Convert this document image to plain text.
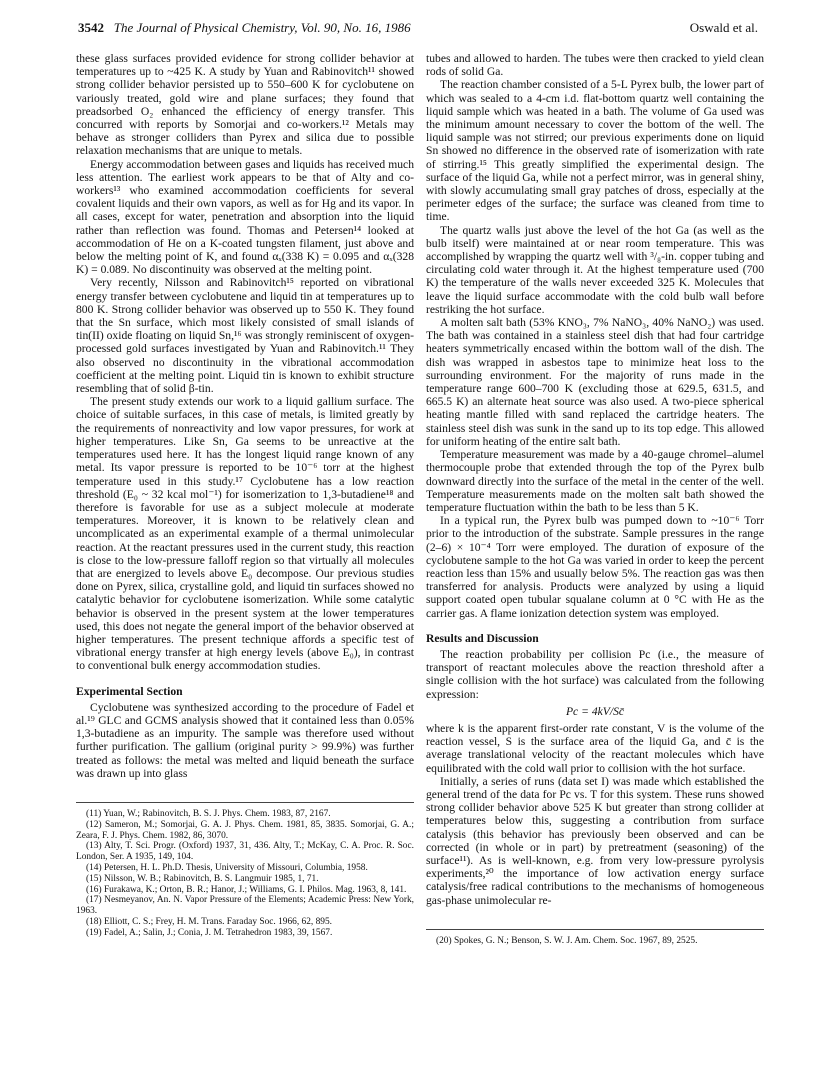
3542 The Journal of Physical Chemistry, Vol. 90, No. 16, 1986	Oswald et al.

these glass surfaces provided evidence for strong collider behavior at temperatures up to ~425 K. A study by Yuan and Rabinovitch¹¹ showed strong collider behavior persisted up to 550–600 K for cyclobutene on variously treated, gold wire and plane surfaces; they found that preadsorbed O₂ enhanced the efficiency of energy transfer. This concurred with reports by Somorjai and co-workers.¹² Metals may behave as stronger colliders than Pyrex and silica due to possible relaxation mechanisms that are unique to metals.

Energy accommodation between gases and liquids has received much less attention. The earliest work appears to be that of Alty and co-workers¹³ who examined accommodation coefficients for several covalent liquids and their own vapors, as well as for Hg and its vapor. In all cases, except for water, penetration and absorption into the liquid rather than reflection was found. Thomas and Petersen¹⁴ looked at accommodation of He on a K-coated tungsten filament, just above and below the melting point of K, and found αₓ(338 K) = 0.095 and αₓ(328 K) = 0.089. No discontinuity was observed at the melting point.

Very recently, Nilsson and Rabinovitch¹⁵ reported on vibrational energy transfer between cyclobutene and liquid tin at temperatures up to 800 K. Strong collider behavior was observed up to 550 K. They found that the Sn surface, which most likely consisted of small islands of tin(II) oxide floating on liquid Sn,¹⁶ was strongly reminiscent of oxygen-processed gold surfaces investigated by Yuan and Rabinovitch.¹¹ They also observed no discontinuity in the vibrational accommodation coefficient at the melting point. Liquid tin is known to exhibit structure resembling that of solid β-tin.

The present study extends our work to a liquid gallium surface. The choice of suitable surfaces, in this case of metals, is limited greatly by the requirements of nonreactivity and low vapor pressures, for work at higher temperatures. Like Sn, Ga seems to be unreactive at the temperatures used here. It has the longest liquid range known of any metal. Its vapor pressure is reported to be 10⁻⁶ torr at the highest temperature used in this study.¹⁷ Cyclobutene has a low reaction threshold (E₀ ~ 32 kcal mol⁻¹) for isomerization to 1,3-butadiene¹⁸ and therefore is favorable for use as a subject molecule at moderate temperatures. Moreover, it is known to be relatively clean and uncomplicated as an experimental example of a thermal unimolecular reaction. At the reactant pressures used in the current study, this reaction is close to the low-pressure falloff region so that virtually all molecules that are energized to levels above E₀ decompose. Our previous studies done on Pyrex, silica, crystalline gold, and liquid tin surfaces showed no catalytic behavior for cyclobutene isomerization. While some catalytic behavior is observed in the present system at the lower temperatures used, this does not negate the general import of the behavior observed at higher temperatures. The present technique affords a specific test of vibrational energy transfer at high energy levels (above E₀), in contrast to conventional bulk energy accommodation studies.

Experimental Section

Cyclobutene was synthesized according to the procedure of Fadel et al.¹⁹ GLC and GCMS analysis showed that it contained less than 0.05% 1,3-butadiene as an impurity. The sample was therefore used without further purification. The gallium (original purity > 99.9%) was further treated as follows: the metal was melted and liquid beneath the surface was drawn up into glass

(11) Yuan, W.; Rabinovitch, B. S. J. Phys. Chem. 1983, 87, 2167.

(12) Sameron, M.; Somorjai, G. A. J. Phys. Chem. 1981, 85, 3835. Somorjai, G. A.; Zeara, F. J. Phys. Chem. 1982, 86, 3070.

(13) Alty, T. Sci. Progr. (Oxford) 1937, 31, 436. Alty, T.; McKay, C. A. Proc. R. Soc. London, Ser. A 1935, 149, 104.

(14) Petersen, H. L. Ph.D. Thesis, University of Missouri, Columbia, 1958.

(15) Nilsson, W. B.; Rabinovitch, B. S. Langmuir 1985, 1, 71.

(16) Furakawa, K.; Orton, B. R.; Hanor, J.; Williams, G. I. Philos. Mag. 1963, 8, 141.

(17) Nesmeyanov, An. N. Vapor Pressure of the Elements; Academic Press: New York, 1963.

(18) Elliott, C. S.; Frey, H. M. Trans. Faraday Soc. 1966, 62, 895.

(19) Fadel, A.; Salin, J.; Conia, J. M. Tetrahedron 1983, 39, 1567.

tubes and allowed to harden. The tubes were then cracked to yield clean rods of solid Ga.

The reaction chamber consisted of a 5-L Pyrex bulb, the lower part of which was sealed to a 4-cm i.d. flat-bottom quartz well containing the liquid sample which was heated in a bath. The volume of Ga used was the minimum amount necessary to cover the bottom of the well. The liquid sample was not stirred; our previous experiments done on liquid Sn showed no difference in the observed rate of isomerization with rate of stirring.¹⁵ This greatly simplified the experimental design. The surface of the liquid Ga, while not a perfect mirror, was in general shiny, with slowly accumulating small gray patches of dross, especially at the perimeter edges of the surface; the surface was cleaned from time to time.

The quartz walls just above the level of the hot Ga (as well as the bulb itself) were maintained at or near room temperature. This was accomplished by wrapping the quartz well with ³/₈-in. copper tubing and circulating cold water through it. At the highest temperature used (700 K) the temperature of the walls never exceeded 325 K. Molecules that leave the liquid surface accommodate with the cold bulb wall before restriking the hot surface.

A molten salt bath (53% KNO₃, 7% NaNO₃, 40% NaNO₂) was used. The bath was contained in a stainless steel dish that had four cartridge heaters symmetrically encased within the bottom wall of the dish. The dish was wrapped in asbestos tape to minimize heat loss to the surrounding environment. For the majority of runs made in the temperature range 600–700 K (excluding those at 629.5, 631.5, and 665.5 K) an alternate heat source was also used. A two-piece spherical heating mantle filled with sand replaced the cartridge heaters. The stainless steel dish was sunk in the sand up to its top edge. This allowed for uniform heating of the entire salt bath.

Temperature measurement was made by a 40-gauge chromel–alumel thermocouple probe that extended through the top of the Pyrex bulb downward directly into the surface of the metal in the center of the well. Temperature measurements made on the molten salt bath showed the temperature fluctuation within the bath to be less than 5 K.

In a typical run, the Pyrex bulb was pumped down to ~10⁻⁶ Torr prior to the introduction of the substrate. Sample pressures in the range (2–6) × 10⁻⁴ Torr were employed. The duration of exposure of the cyclobutene sample to the hot Ga was varied in order to keep the percent reaction less than 15% and usually below 5%. The reaction gas was then transferred for analysis. Products were analyzed by using a liquid support coated open tubular squalane column at 0 °C with He as the carrier gas. A flame ionization detection system was employed.

Results and Discussion

The reaction probability per collision Pc (i.e., the measure of transport of reactant molecules above the reaction threshold after a single collision with the hot surface) was calculated from the following expression:

Pc = 4kV/Sc̄

where k is the apparent first-order rate constant, V is the volume of the reaction vessel, S is the surface area of the liquid Ga, and c̄ is the average translational velocity of the reactant molecules which have equilibrated with the cold wall prior to collision with the hot surface.

Initially, a series of runs (data set I) was made which established the general trend of the data for Pc vs. T for this system. These runs showed strong collider behavior above 525 K but greater than strong collider at temperatures below this, suggesting a contribution from surface catalysis (this behavior has previously been observed and can be corrected (in whole or in part) by pretreatment (seasoning) of the surface¹¹). As is well-known, e.g. from very low-pressure pyrolysis experiments,²⁰ the importance of low activation energy surface catalysis/free radical contributions to the mechanisms of homogeneous gas-phase unimolecular re-

(20) Spokes, G. N.; Benson, S. W. J. Am. Chem. Soc. 1967, 89, 2525.
